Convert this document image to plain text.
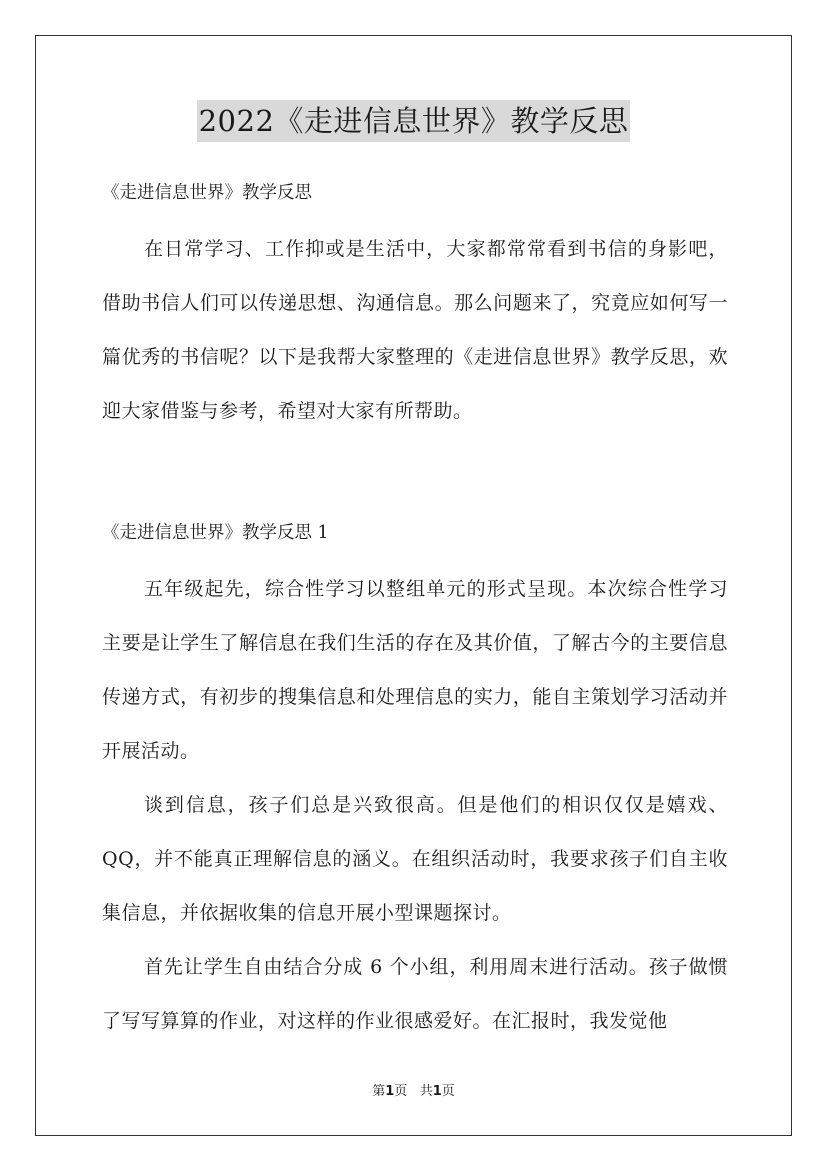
2022《走进信息世界》教学反思

《走进信息世界》教学反思

在日常学习、工作抑或是生活中，大家都常常看到书信的身影吧，借助书信人们可以传递思想、沟通信息。那么问题来了，究竟应如何写一篇优秀的书信呢？以下是我帮大家整理的《走进信息世界》教学反思，欢迎大家借鉴与参考，希望对大家有所帮助。

《走进信息世界》教学反思 1

五年级起先，综合性学习以整组单元的形式呈现。本次综合性学习主要是让学生了解信息在我们生活的存在及其价值，了解古今的主要信息传递方式，有初步的搜集信息和处理信息的实力，能自主策划学习活动并开展活动。

谈到信息，孩子们总是兴致很高。但是他们的相识仅仅是嬉戏、QQ，并不能真正理解信息的涵义。在组织活动时，我要求孩子们自主收集信息，并依据收集的信息开展小型课题探讨。

首先让学生自由结合分成 6 个小组，利用周末进行活动。孩子做惯了写写算算的作业，对这样的作业很感爱好。在汇报时，我发觉他

第1页 共1页
